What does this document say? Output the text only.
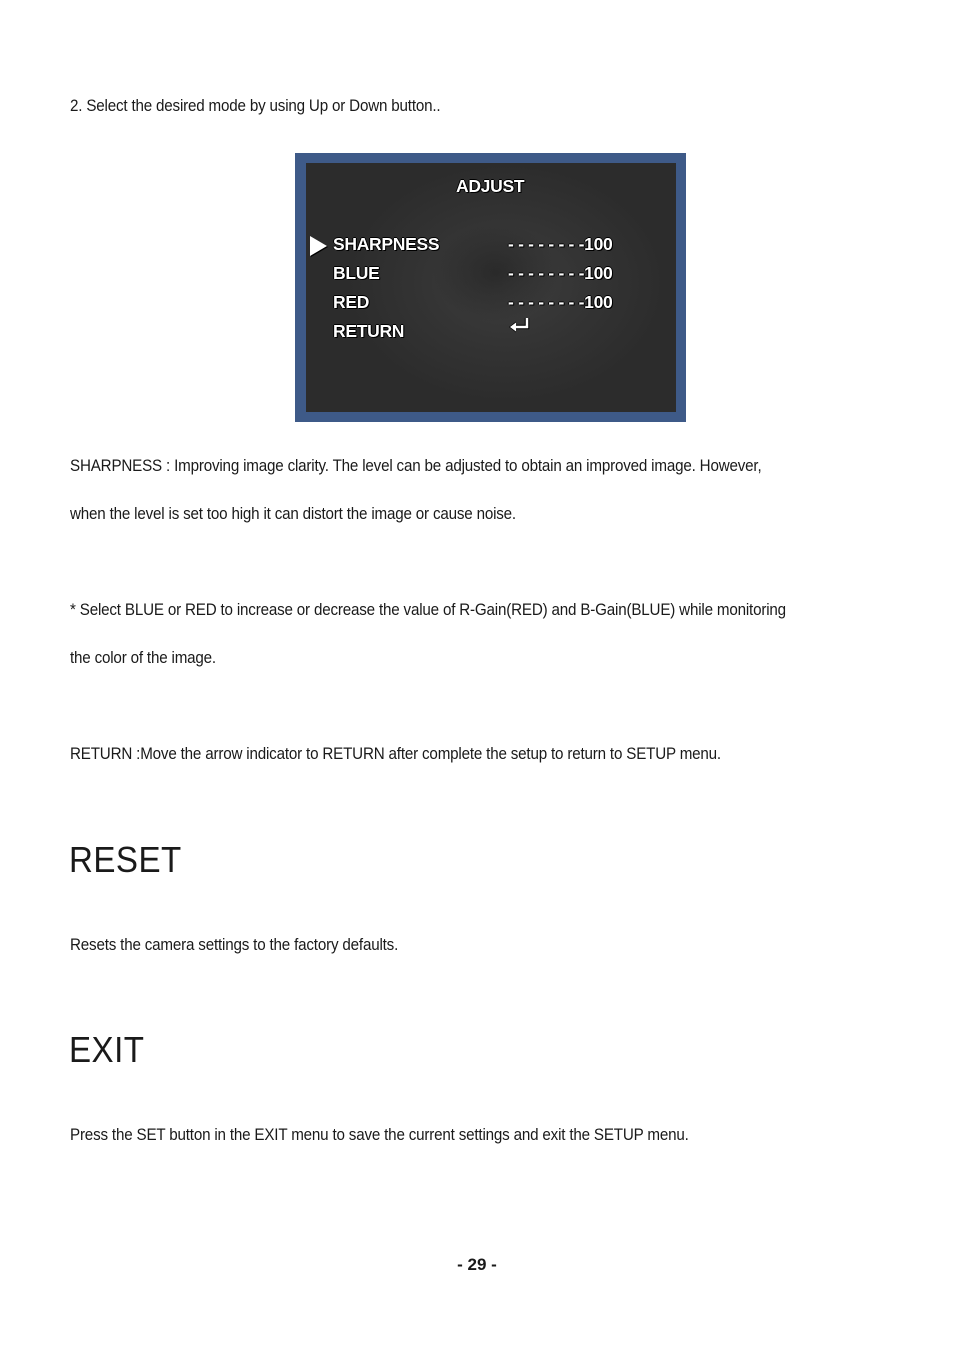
2. Select the desired mode by using Up or Down button..

ADJUST
SHARPNESS	- - - - - - - -100
BLUE	- - - - - - - -100
RED	- - - - - - - -100
RETURN

SHARPNESS : Improving image clarity. The level can be adjusted to obtain an improved image. However,

when the level is set too high it can distort the image or cause noise.

* Select BLUE or RED to increase or decrease the value of R-Gain(RED) and B-Gain(BLUE) while monitoring

the color of the image.

RETURN :Move the arrow indicator to RETURN after complete the setup to return to SETUP menu.

RESET

Resets the camera settings to the factory defaults.

EXIT

Press the SET button in the EXIT menu to save the current settings and exit the SETUP menu.

- 29 -
